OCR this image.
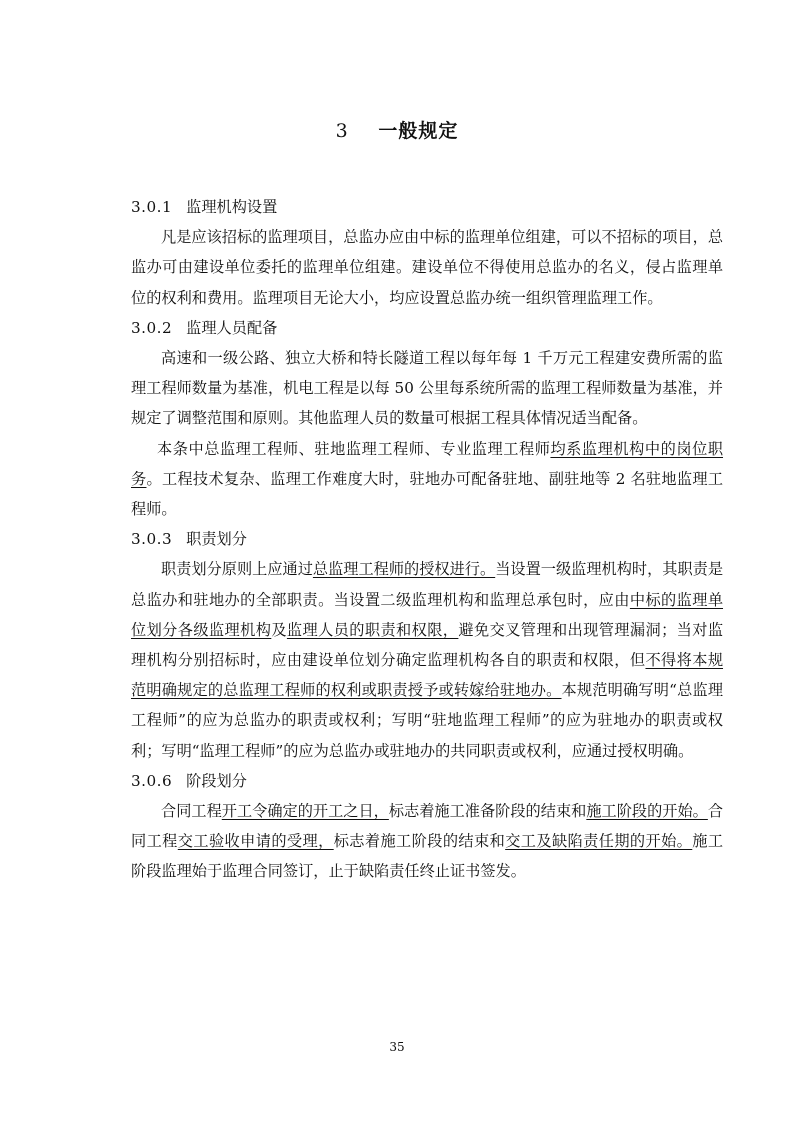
3 一般规定

3.0.1 监理机构设置

凡是应该招标的监理项目，总监办应由中标的监理单位组建，可以不招标的项目，总监办可由建设单位委托的监理单位组建。建设单位不得使用总监办的名义，侵占监理单位的权利和费用。监理项目无论大小，均应设置总监办统一组织管理监理工作。

3.0.2 监理人员配备

高速和一级公路、独立大桥和特长隧道工程以每年每 1 千万元工程建安费所需的监理工程师数量为基准，机电工程是以每 50 公里每系统所需的监理工程师数量为基准，并规定了调整范围和原则。其他监理人员的数量可根据工程具体情况适当配备。

本条中总监理工程师、驻地监理工程师、专业监理工程师均系监理机构中的岗位职务。工程技术复杂、监理工作难度大时，驻地办可配备驻地、副驻地等 2 名驻地监理工程师。

3.0.3 职责划分

职责划分原则上应通过总监理工程师的授权进行。当设置一级监理机构时，其职责是总监办和驻地办的全部职责。当设置二级监理机构和监理总承包时，应由中标的监理单位划分各级监理机构及监理人员的职责和权限，避免交叉管理和出现管理漏洞；当对监理机构分别招标时，应由建设单位划分确定监理机构各自的职责和权限，但不得将本规范明确规定的总监理工程师的权利或职责授予或转嫁给驻地办。本规范明确写明“总监理工程师”的应为总监办的职责或权利；写明“驻地监理工程师”的应为驻地办的职责或权利；写明“监理工程师”的应为总监办或驻地办的共同职责或权利，应通过授权明确。

3.0.6 阶段划分

合同工程开工令确定的开工之日，标志着施工准备阶段的结束和施工阶段的开始。合同工程交工验收申请的受理，标志着施工阶段的结束和交工及缺陷责任期的开始。施工阶段监理始于监理合同签订，止于缺陷责任终止证书签发。

35
